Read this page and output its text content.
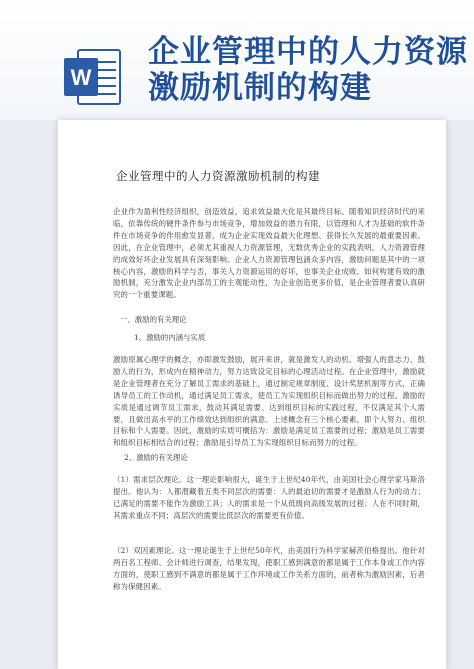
W
企业管理中的人力资源激励机制的构建
企业管理中的人力资源激励机制的构建
企业作为盈利性经济组织，创造效益，追求效益最大化是其最终目标。随着知识经济时代的来临，依靠传统的硬件条件参与市场竞争，增加效益的潜力有限，以管理和人才为基础的软件条件在市场竞争的作用愈发显著，成为企业实现效益最大化理想、获得长久发展的最重要因素。因此，在企业管理中，必须尤其重视人力资源管理，无数优秀企业的实践表明，人力资源管理的成效好坏企业发展具有深刻影响。企业人力资源管理包涵众多内容，激励问题是其中的一项核心内容，激励的科学与否，事关人力资源运用的好坏，也事关企业成败。如何构建有效的激励机制，充分激发企业内部员工的主观能动性，为企业创造更多价值，是企业管理者要认真研究的一个重要课题。
一、激励的有关理论
1、激励的内涵与实质
激励原属心理学的概念，亦即激发鼓励，展开来讲，就是激发人的动机、增强人的意志力、鼓励人的行为，形成内在精神动力，努力达致设定目标的心理活动过程。在企业管理中，激励就是企业管理者在充分了解员工需求的基础上，通过制定规章制度、设计奖惩机制等方式，正确诱导员工的工作动机，通过满足员工需求，使员工为实现组织目标而做出努力的过程。激励的实质是通过调节员工需求，鼓动其满足需要、达到组织目标的实践过程，不仅满足其个人需要，且做出高水平的工作绩效达到组织的满意。上述概念有三个核心要素，即个人努力、组织目标和个人需要。因此，激励的实质可概括为：激励是满足员工需要的过程；激励是员工需要和组织目标相结合的过程；激励是引导员工为实现组织目标而努力的过程。
2、激励的有关理论
（1）需求层次理论。这一理论影响很大，诞生于上世纪40年代，由美国社会心理学家马斯洛提出。他认为：人都潜藏着五类不同层次的需要：人的最迫切的需要才是激励人行为的动力；已满足的需要不能作为激励工具；人的需求是一个从低级向高级发展的过程；人在不同时期，其需求重点不同；高层次的需要比低层次的需要更有价值。
（2）双因素理论。这一理论诞生于上世纪50年代，由美国行为科学家赫茨伯格提出。他针对两百名工程师、会计师进行调查，结果发现，使职工感到满意的都是属于工作本身或工作内容方面的，使职工感到不满意的都是属于工作环境或工作关系方面的，前者称为激励因素，后者称为保健因素。
